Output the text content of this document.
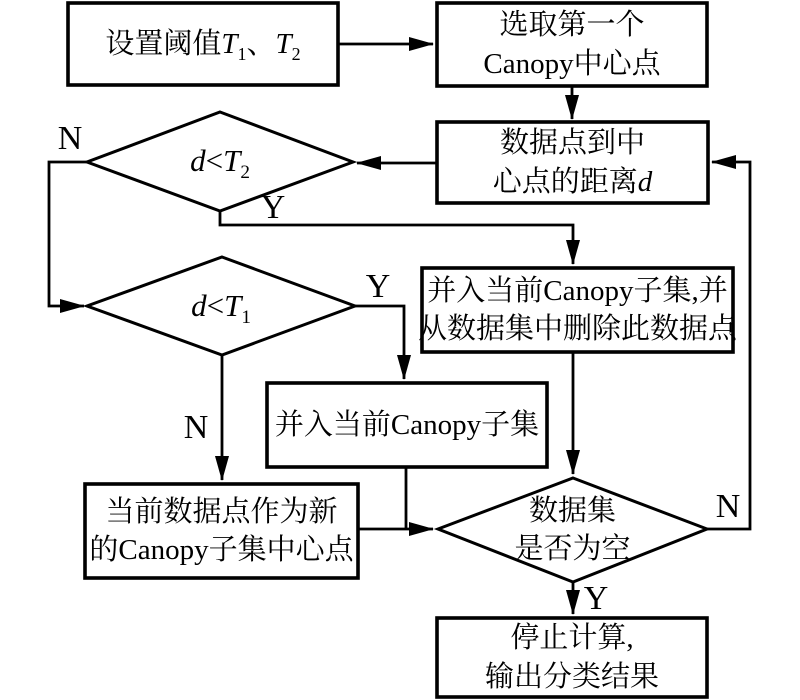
设置阈值$T_1$、$T_2$
选取第一个
Canopy中心点
数据点到中
心点的距离d
$d<T_2$
$d<T_1$
并入当前Canopy子集,并
从数据集中删除此数据点
并入当前Canopy子集
当前数据点作为新
的Canopy子集中心点
数据集
是否为空
停止计算,
输出分类结果
N
Y
Y
N
N
Y
